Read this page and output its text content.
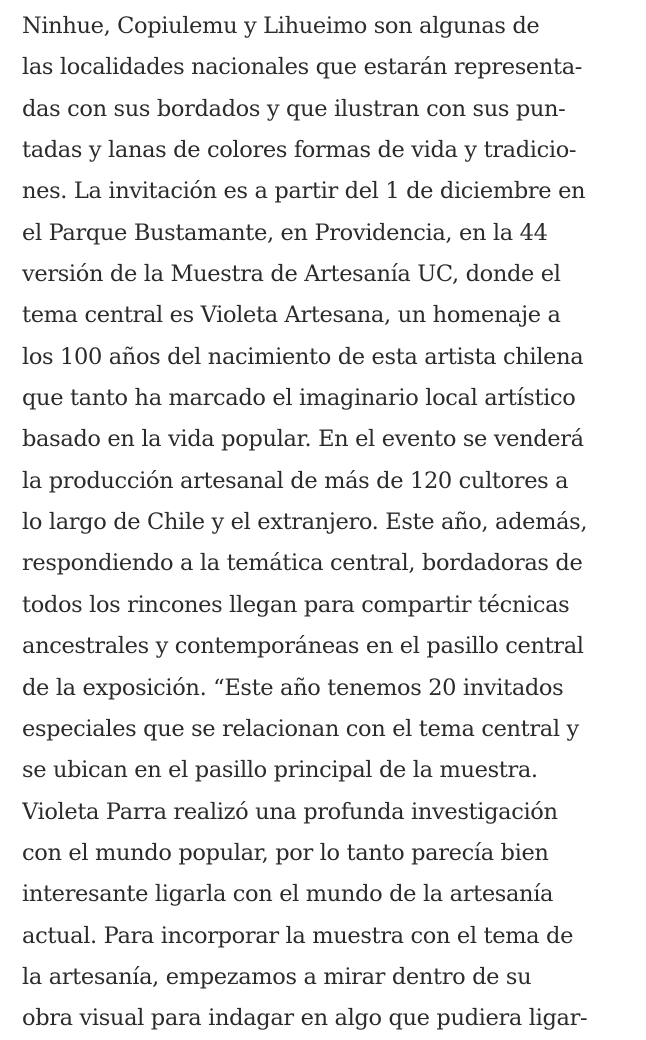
Ninhue, Copiulemu y Lihueimo son algunas de
las localidades nacionales que estarán representa-
das con sus bordados y que ilustran con sus pun-
tadas y lanas de colores formas de vida y tradicio-
nes. La invitación es a partir del 1 de diciembre en
el Parque Bustamante, en Providencia, en la 44
versión de la Muestra de Artesanía UC, donde el
tema central es Violeta Artesana, un homenaje a
los 100 años del nacimiento de esta artista chilena
que tanto ha marcado el imaginario local artístico
basado en la vida popular. En el evento se venderá
la producción artesanal de más de 120 cultores a
lo largo de Chile y el extranjero. Este año, además,
respondiendo a la temática central, bordadoras de
todos los rincones llegan para compartir técnicas
ancestrales y contemporáneas en el pasillo central
de la exposición. “Este año tenemos 20 invitados
especiales que se relacionan con el tema central y
se ubican en el pasillo principal de la muestra.
Violeta Parra realizó una profunda investigación
con el mundo popular, por lo tanto parecía bien
interesante ligarla con el mundo de la artesanía
actual. Para incorporar la muestra con el tema de
la artesanía, empezamos a mirar dentro de su
obra visual para indagar en algo que pudiera ligar-
